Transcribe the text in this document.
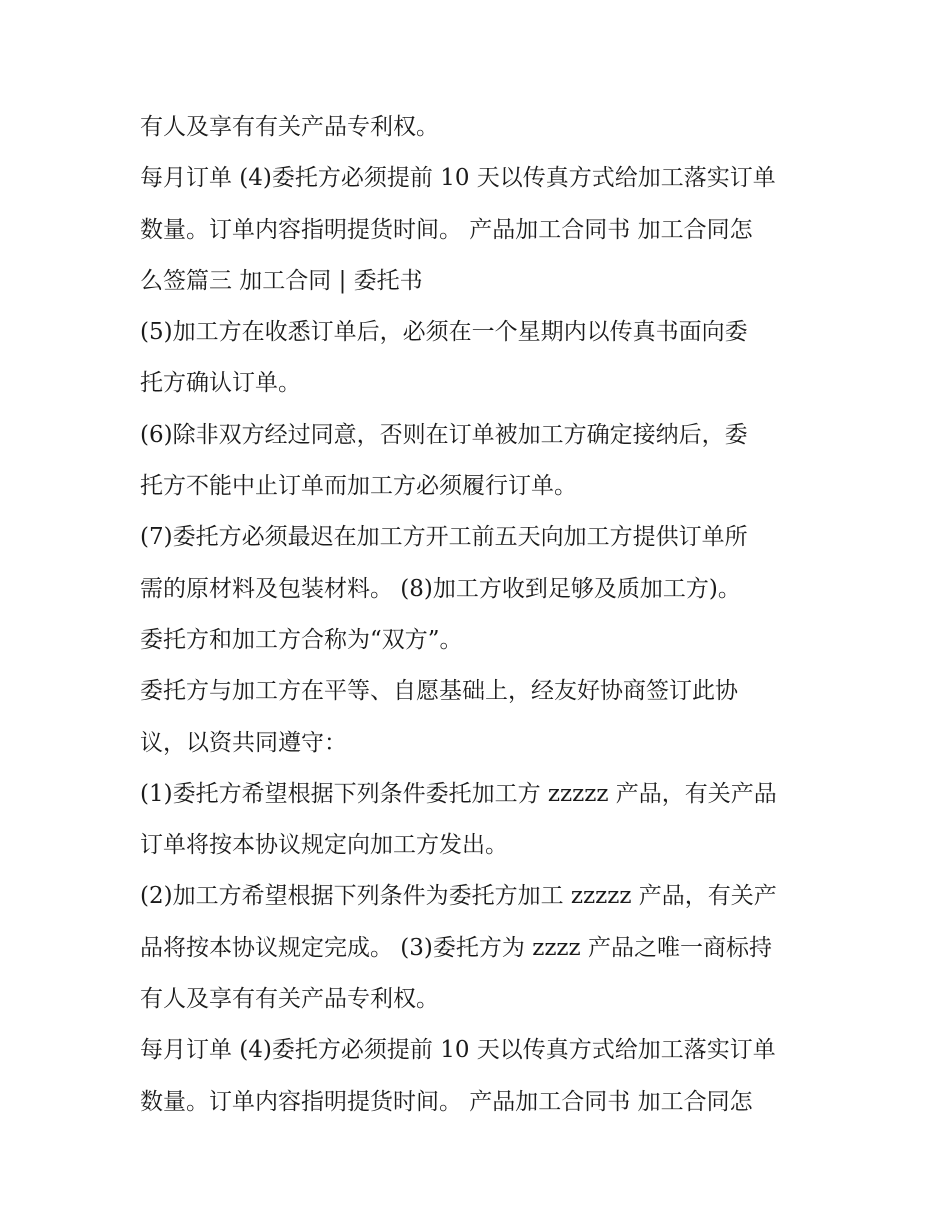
有人及享有有关产品专利权。
每月订单 (4)委托方必须提前 10 天以传真方式给加工落实订单
数量。订单内容指明提货时间。 产品加工合同书 加工合同怎
么签篇三 加工合同 | 委托书
(5)加工方在收悉订单后，必须在一个星期内以传真书面向委
托方确认订单。
(6)除非双方经过同意，否则在订单被加工方确定接纳后，委
托方不能中止订单而加工方必须履行订单。
(7)委托方必须最迟在加工方开工前五天向加工方提供订单所
需的原材料及包装材料。 (8)加工方收到足够及质加工方)。
委托方和加工方合称为“双方”。
委托方与加工方在平等、自愿基础上，经友好协商签订此协
议，以资共同遵守：
(1)委托方希望根据下列条件委托加工方 zzzzz 产品，有关产品
订单将按本协议规定向加工方发出。
(2)加工方希望根据下列条件为委托方加工 zzzzz 产品，有关产
品将按本协议规定完成。 (3)委托方为 zzzz 产品之唯一商标持
有人及享有有关产品专利权。
每月订单 (4)委托方必须提前 10 天以传真方式给加工落实订单
数量。订单内容指明提货时间。 产品加工合同书 加工合同怎
